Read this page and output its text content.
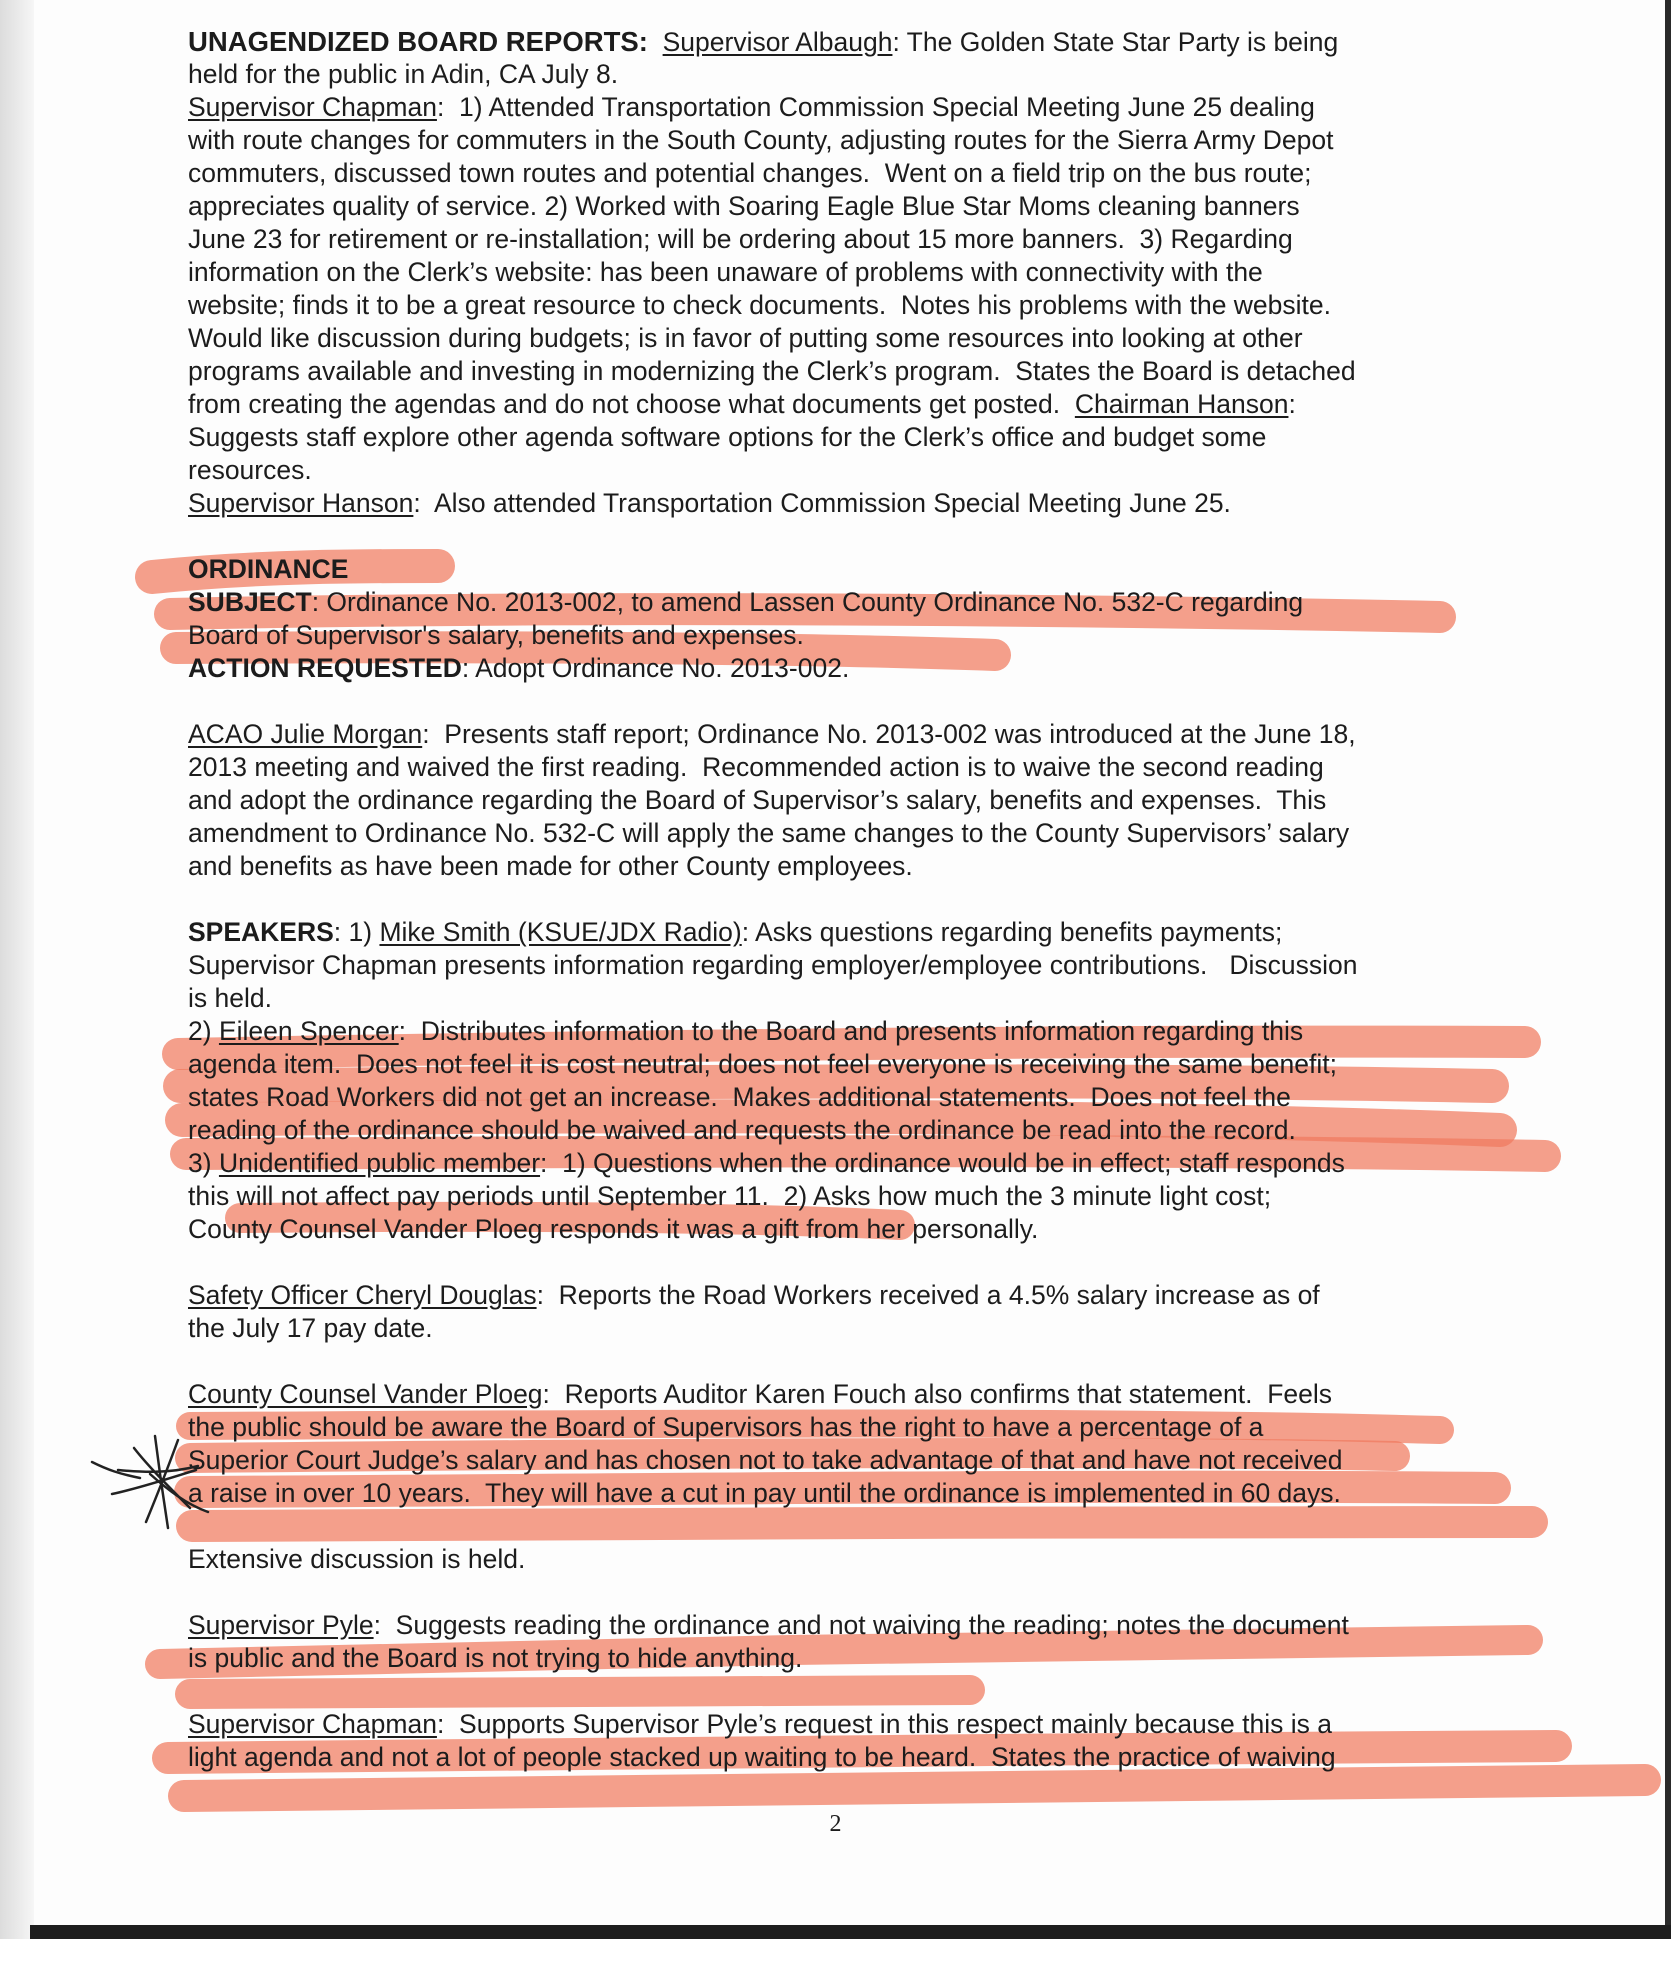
UNAGENDIZED BOARD REPORTS: Supervisor Albaugh: The Golden State Star Party is being
held for the public in Adin, CA July 8.
Supervisor Chapman:  1) Attended Transportation Commission Special Meeting June 25 dealing
with route changes for commuters in the South County, adjusting routes for the Sierra Army Depot
commuters, discussed town routes and potential changes.  Went on a field trip on the bus route;
appreciates quality of service. 2) Worked with Soaring Eagle Blue Star Moms cleaning banners
June 23 for retirement or re-installation; will be ordering about 15 more banners.  3) Regarding
information on the Clerk’s website: has been unaware of problems with connectivity with the
website; finds it to be a great resource to check documents.  Notes his problems with the website.
Would like discussion during budgets; is in favor of putting some resources into looking at other
programs available and investing in modernizing the Clerk’s program.  States the Board is detached
from creating the agendas and do not choose what documents get posted.  Chairman Hanson:
Suggests staff explore other agenda software options for the Clerk’s office and budget some
resources.
Supervisor Hanson:  Also attended Transportation Commission Special Meeting June 25.
ORDINANCE
SUBJECT: Ordinance No. 2013-002, to amend Lassen County Ordinance No. 532-C regarding
Board of Supervisor's salary, benefits and expenses.
ACTION REQUESTED: Adopt Ordinance No. 2013-002.
ACAO Julie Morgan:  Presents staff report; Ordinance No. 2013-002 was introduced at the June 18,
2013 meeting and waived the first reading.  Recommended action is to waive the second reading
and adopt the ordinance regarding the Board of Supervisor’s salary, benefits and expenses.  This
amendment to Ordinance No. 532-C will apply the same changes to the County Supervisors’ salary
and benefits as have been made for other County employees.
SPEAKERS: 1) Mike Smith (KSUE/JDX Radio): Asks questions regarding benefits payments;
Supervisor Chapman presents information regarding employer/employee contributions.   Discussion
is held.
2) Eileen Spencer:  Distributes information to the Board and presents information regarding this
agenda item.  Does not feel it is cost neutral; does not feel everyone is receiving the same benefit;
states Road Workers did not get an increase.  Makes additional statements.  Does not feel the
reading of the ordinance should be waived and requests the ordinance be read into the record.
3) Unidentified public member:  1) Questions when the ordinance would be in effect; staff responds
this will not affect pay periods until September 11.  2) Asks how much the 3 minute light cost;
County Counsel Vander Ploeg responds it was a gift from her personally.
Safety Officer Cheryl Douglas:  Reports the Road Workers received a 4.5% salary increase as of
the July 17 pay date.
County Counsel Vander Ploeg:  Reports Auditor Karen Fouch also confirms that statement.  Feels
the public should be aware the Board of Supervisors has the right to have a percentage of a
Superior Court Judge’s salary and has chosen not to take advantage of that and have not received
a raise in over 10 years.  They will have a cut in pay until the ordinance is implemented in 60 days.
Extensive discussion is held.
Supervisor Pyle:  Suggests reading the ordinance and not waiving the reading; notes the document
is public and the Board is not trying to hide anything.
Supervisor Chapman:  Supports Supervisor Pyle’s request in this respect mainly because this is a
light agenda and not a lot of people stacked up waiting to be heard.  States the practice of waiving
2
